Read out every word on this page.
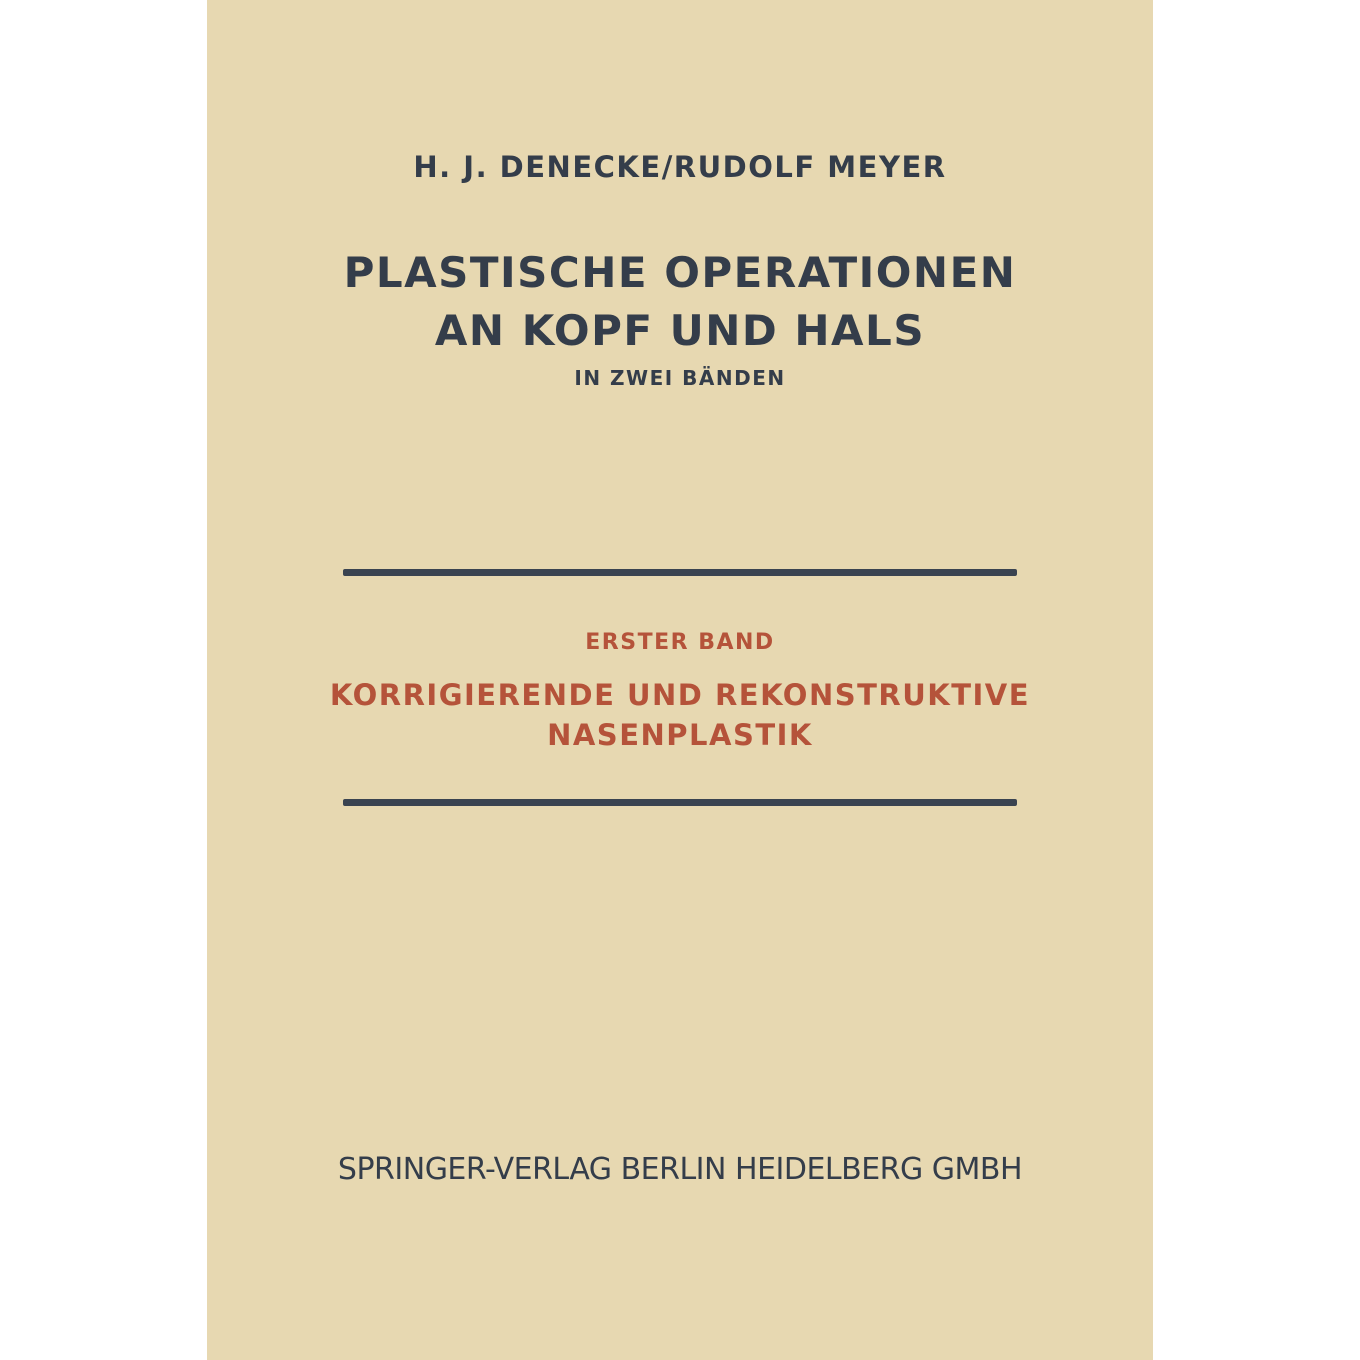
H. J. DENECKE/RUDOLF MEYER
PLASTISCHE OPERATIONEN
AN KOPF UND HALS
IN ZWEI BÄNDEN
ERSTER BAND
KORRIGIERENDE UND REKONSTRUKTIVE
NASENPLASTIK
SPRINGER-VERLAG BERLIN HEIDELBERG GMBH
